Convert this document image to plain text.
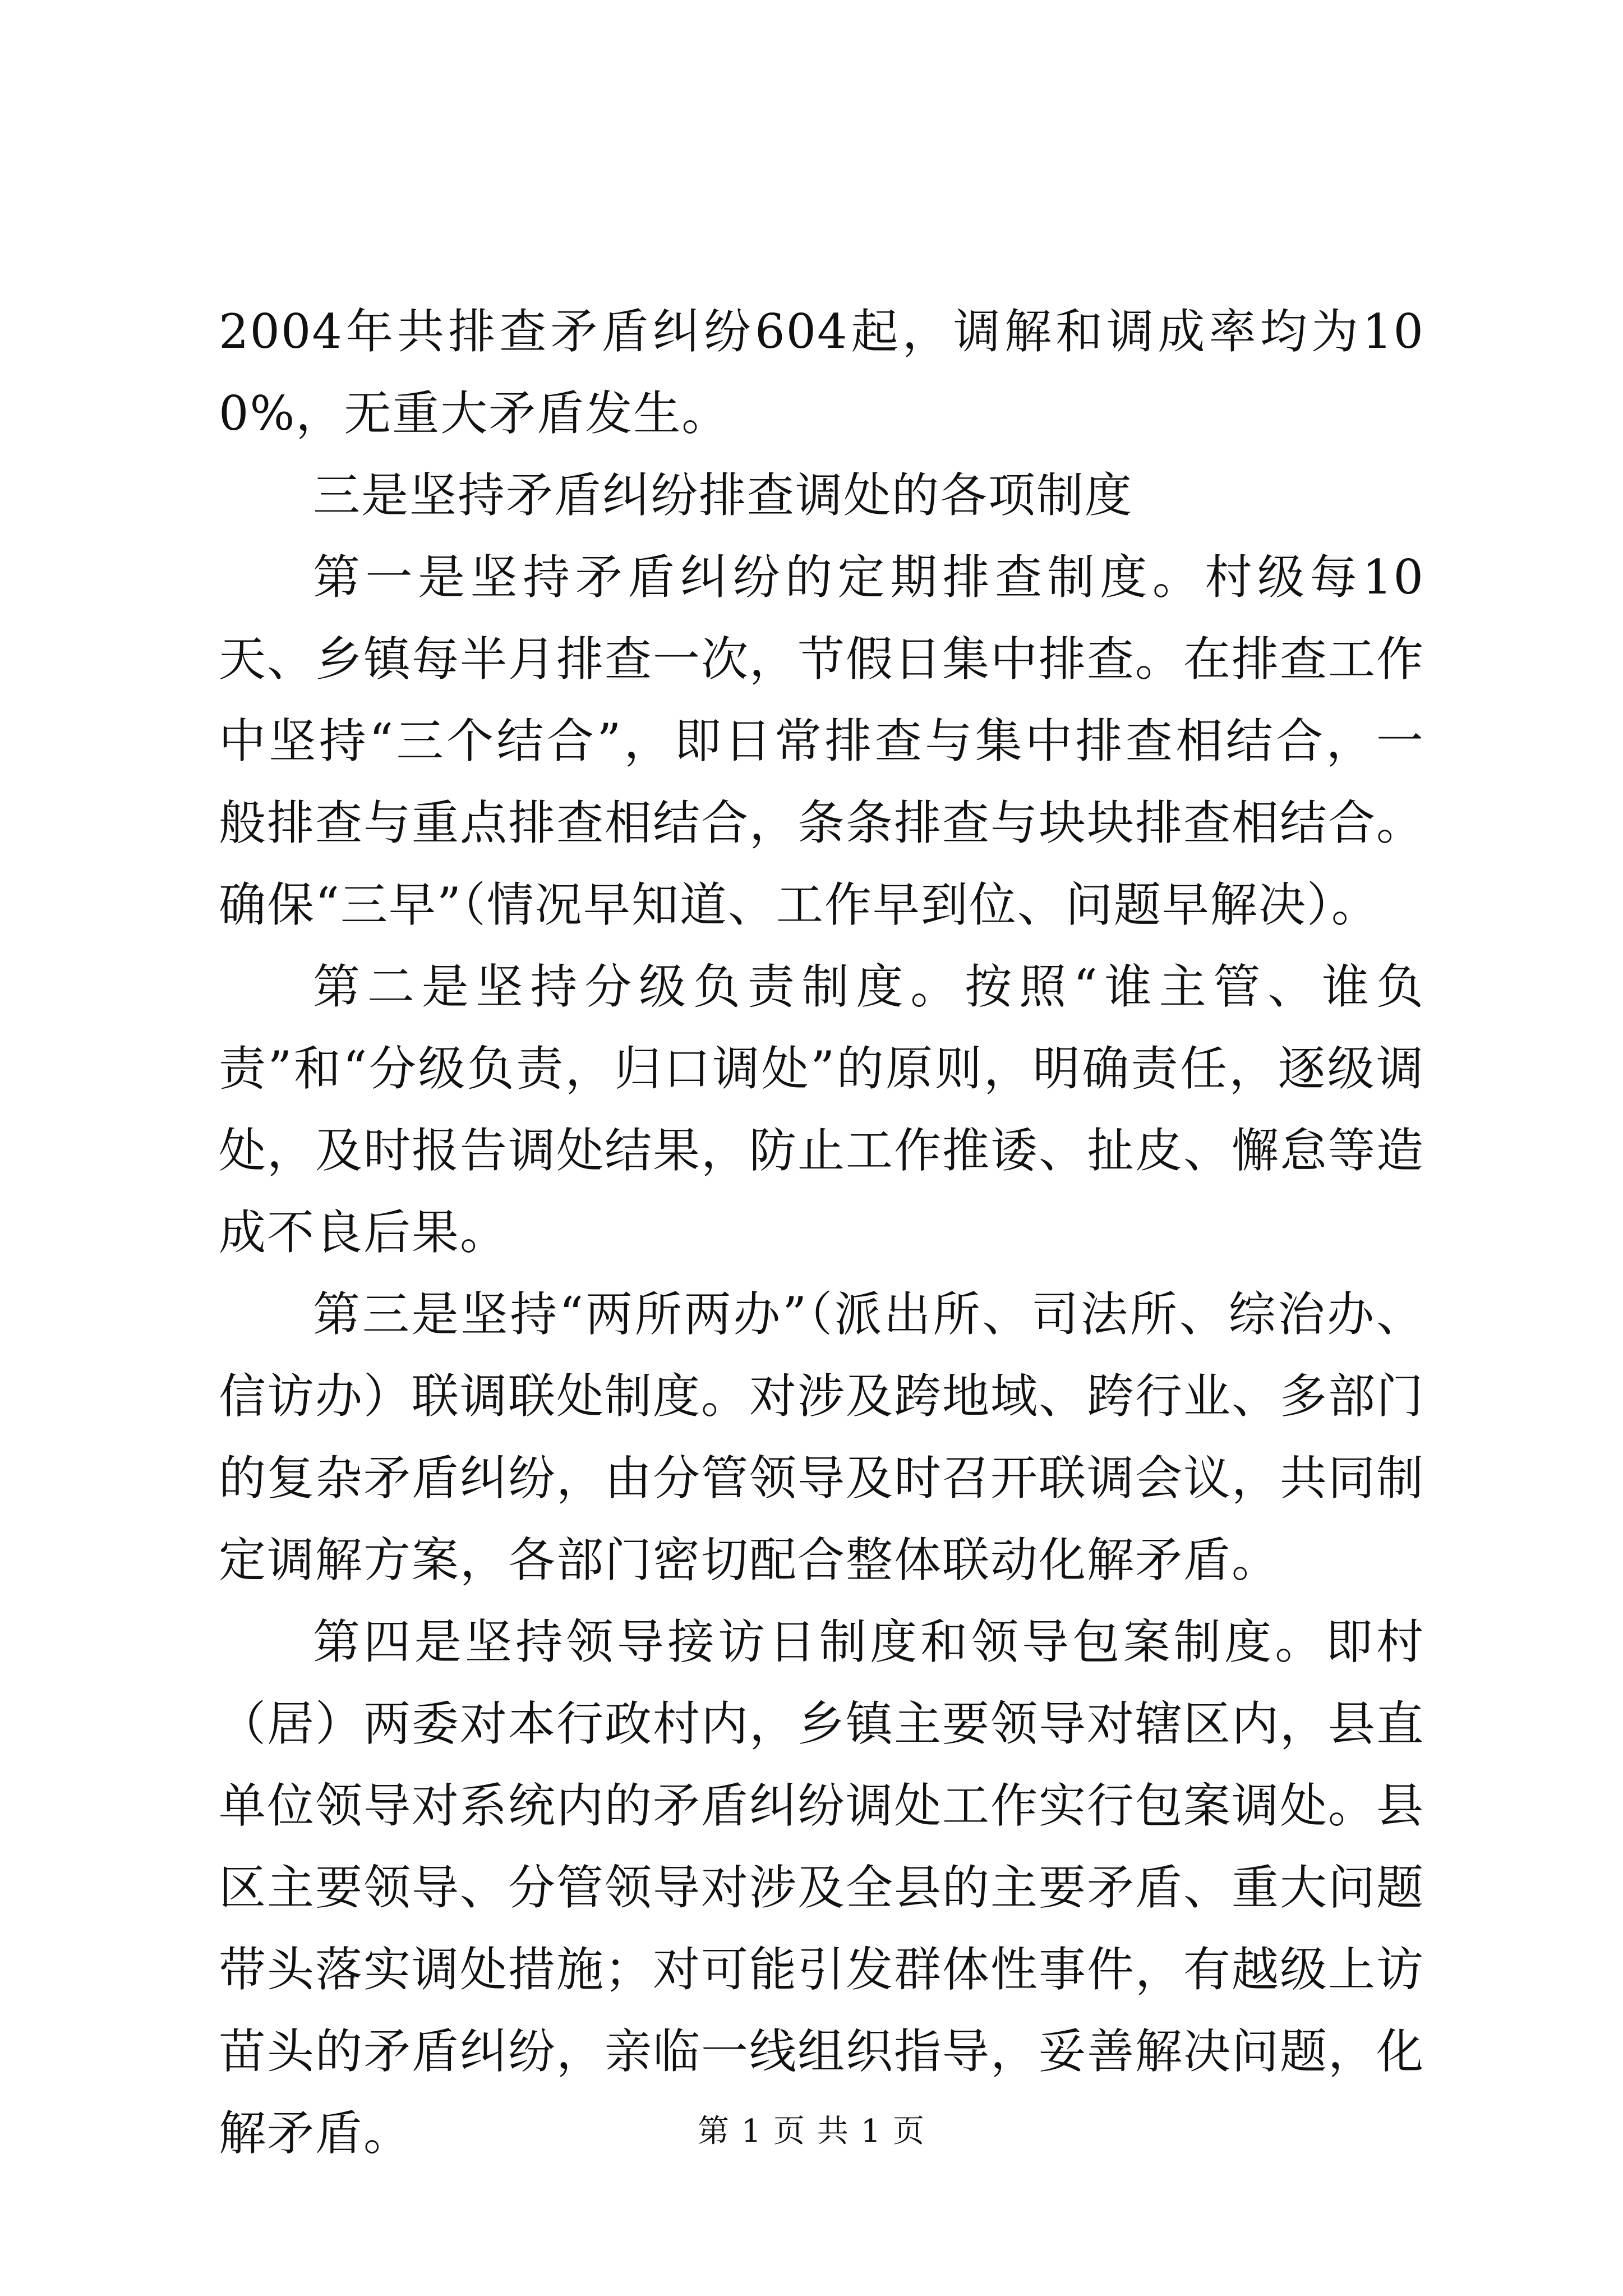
2004年共排查矛盾纠纷604起，调解和调成率均为100%，无重大矛盾发生。

三是坚持矛盾纠纷排查调处的各项制度

第一是坚持矛盾纠纷的定期排查制度。村级每10天、乡镇每半月排查一次，节假日集中排查。在排查工作中坚持“三个结合”，即日常排查与集中排查相结合，一般排查与重点排查相结合，条条排查与块块排查相结合。确保“三早”（情况早知道、工作早到位、问题早解决）。

第二是坚持分级负责制度。按照“谁主管、谁负责”和“分级负责，归口调处”的原则，明确责任，逐级调处，及时报告调处结果，防止工作推诿、扯皮、懈怠等造成不良后果。

第三是坚持“两所两办”（派出所、司法所、综治办、信访办）联调联处制度。对涉及跨地域、跨行业、多部门的复杂矛盾纠纷，由分管领导及时召开联调会议，共同制定调解方案，各部门密切配合整体联动化解矛盾。

第四是坚持领导接访日制度和领导包案制度。即村（居）两委对本行政村内，乡镇主要领导对辖区内，县直单位领导对系统内的矛盾纠纷调处工作实行包案调处。县区主要领导、分管领导对涉及全县的主要矛盾、重大问题带头落实调处措施；对可能引发群体性事件，有越级上访苗头的矛盾纠纷，亲临一线组织指导，妥善解决问题，化解矛盾。	第 1 页 共 1 页
